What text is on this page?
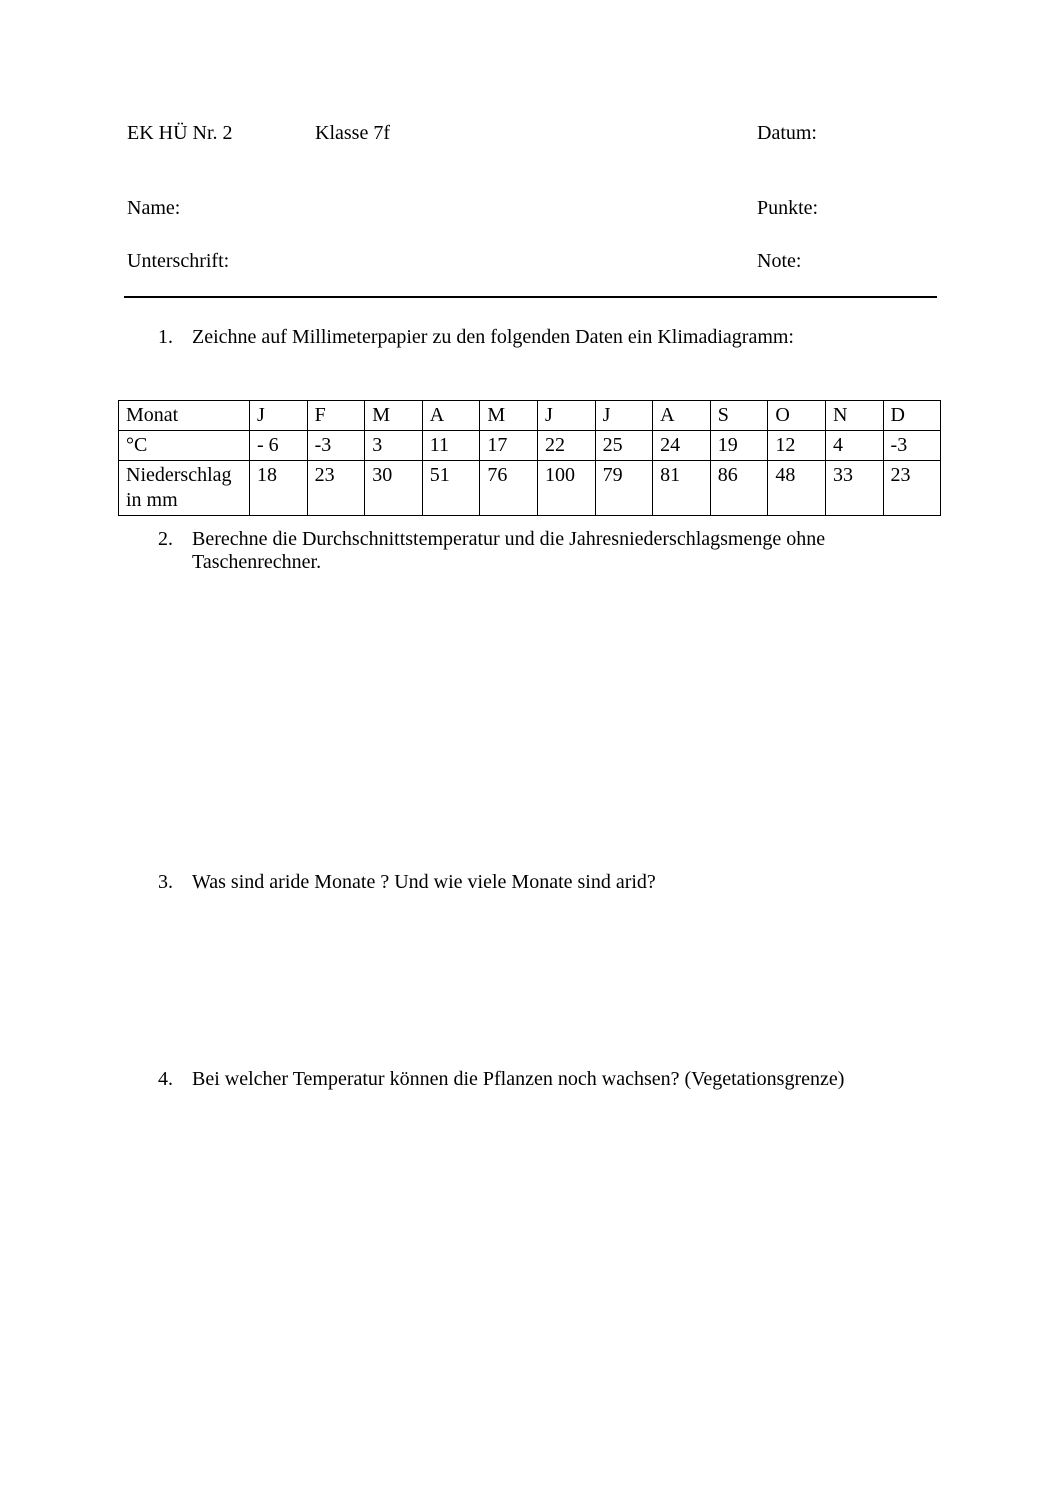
EK HÜ Nr. 2	Klasse 7f	Datum:
Name:	Punkte:
Unterschrift:	Note:
1. Zeichne auf Millimeterpapier zu den folgenden Daten ein Klimadiagramm:
Monat	J	F	M	A	M	J	J	A	S	O	N	D
°C	- 6	-3	3	11	17	22	25	24	19	12	4	-3
Niederschlag in mm	18	23	30	51	76	100	79	81	86	48	33	23
2. Berechne die Durchschnittstemperatur und die Jahresniederschlagsmenge ohne Taschenrechner.
3. Was sind aride Monate ? Und wie viele Monate sind arid?
4. Bei welcher Temperatur können die Pflanzen noch wachsen? (Vegetationsgrenze)
